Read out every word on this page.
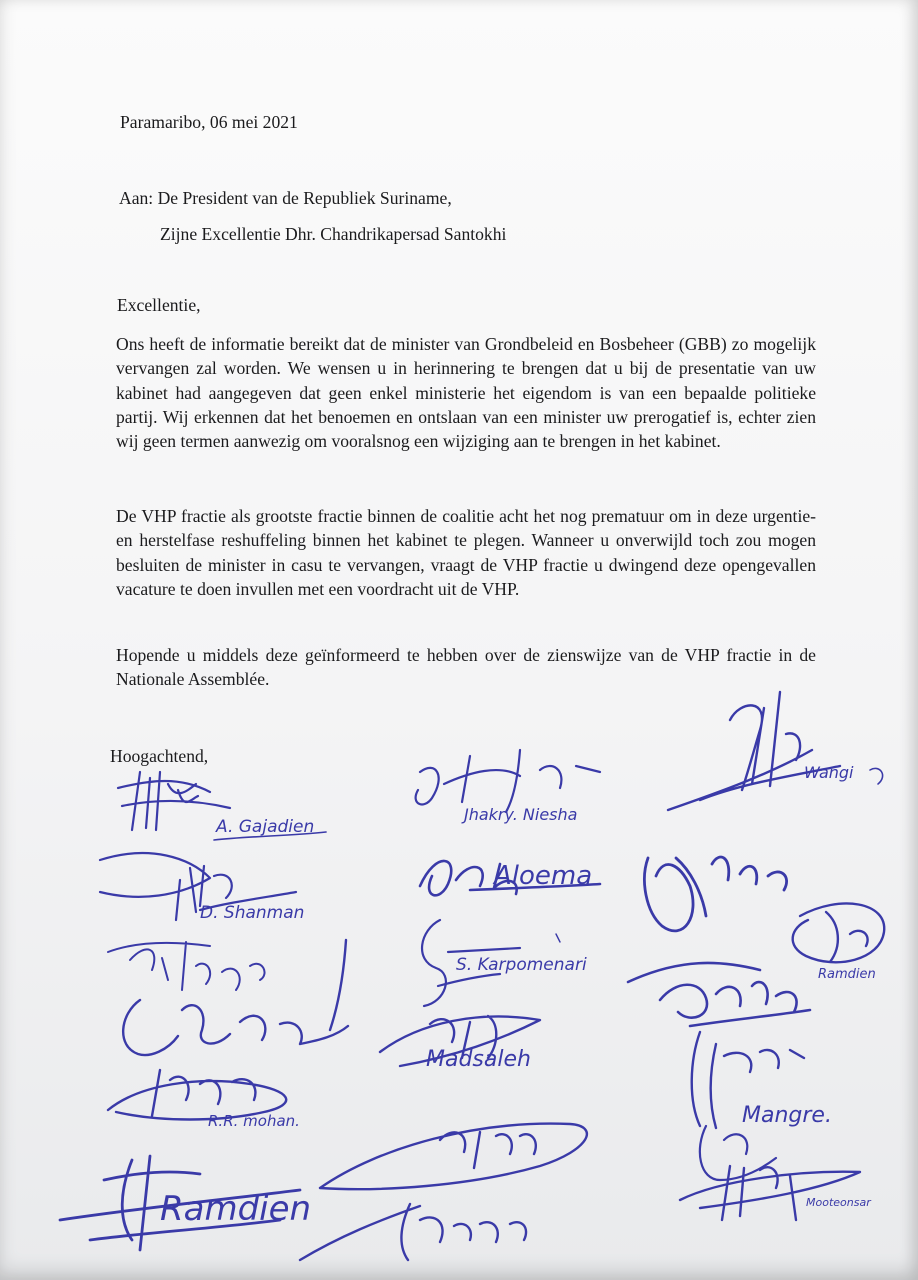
Paramaribo, 06 mei 2021
Aan: De President van de Republiek Suriname,
Zijne Excellentie Dhr. Chandrikapersad Santokhi
Excellentie,

Ons heeft de informatie bereikt dat de minister van Grondbeleid en Bosbeheer (GBB) zo mogelijk vervangen zal worden. We wensen u in herinnering te brengen dat u bij de presentatie van uw kabinet had aangegeven dat geen enkel ministerie het eigendom is van een bepaalde politieke partij. Wij erkennen dat het benoemen en ontslaan van een minister uw prerogatief is, echter zien wij geen termen aanwezig om vooralsnog een wijziging aan te brengen in het kabinet.

De VHP fractie als grootste fractie binnen de coalitie acht het nog prematuur om in deze urgentie- en herstelfase reshuffeling binnen het kabinet te plegen. Wanneer u onverwijld toch zou mogen besluiten de minister in casu te vervangen, vraagt de VHP fractie u dwingend deze opengevallen vacature te doen invullen met een voordracht uit de VHP.

Hopende u middels deze geïnformeerd te hebben over de zienswijze van de VHP fractie in de Nationale Assemblée.

Hoogachtend,
A. Gajadien
Jhakry. Niesha
Wangi
D. Shanman
Aloema
S. Karpomenari	Ramdien
Madsaleh
R.R. mohan.	Mangre.
Ramdien	Mooteonsar
